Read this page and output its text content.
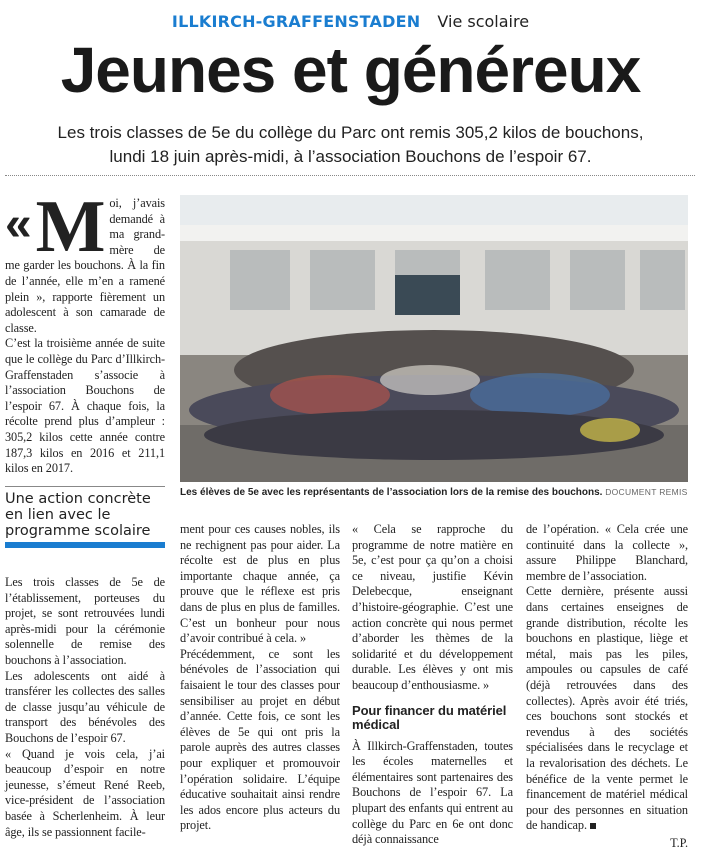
ILLKIRCH-GRAFFENSTADEN Vie scolaire
Jeunes et généreux
Les trois classes de 5e du collège du Parc ont remis 305,2 kilos de bouchons, lundi 18 juin après-midi, à l’association Bouchons de l’espoir 67.
« M oi, j’avais demandé à ma grand-mère de me garder les bouchons. À la fin de l’année, elle m’en a ramené plein », rapporte fièrement un adolescent à son camarade de classe.

C’est la troisième année de suite que le collège du Parc d’Illkirch-Graffenstaden s’associe à l’association Bouchons de l’espoir 67. À chaque fois, la récolte prend plus d’ampleur : 305,2 kilos cette année contre 187,3 kilos en 2016 et 211,1 kilos en 2017.

Les élèves de 5e avec les représentants de l’association lors de la remise des bouchons. DOCUMENT REMIS
Une action concrète en lien avec le programme scolaire

Les trois classes de 5e de l’établissement, porteuses du projet, se sont retrouvées lundi après-midi pour la cérémonie solennelle de remise des bouchons à l’association.

Les adolescents ont aidé à transférer les collectes des salles de classe jusqu’au véhicule de transport des bénévoles des Bouchons de l’espoir 67.

« Quand je vois cela, j’ai beaucoup d’espoir en notre jeunesse, s’émeut René Reeb, vice-président de l’association basée à Scherlenheim. À leur âge, ils se passionnent facile-

ment pour ces causes nobles, ils ne rechignent pas pour aider. La récolte est de plus en plus importante chaque année, ça prouve que le réflexe est pris dans de plus en plus de familles. C’est un bonheur pour nous d’avoir contribué à cela. »

Précédemment, ce sont les bénévoles de l’association qui faisaient le tour des classes pour sensibiliser au projet en début d’année. Cette fois, ce sont les élèves de 5e qui ont pris la parole auprès des autres classes pour expliquer et promouvoir l’opération solidaire. L’équipe éducative souhaitait ainsi rendre les ados encore plus acteurs du projet.

« Cela se rapproche du programme de notre matière en 5e, c’est pour ça qu’on a choisi ce niveau, justifie Kévin Delebecque, enseignant d’histoire-géographie. C’est une action concrète qui nous permet d’aborder les thèmes de la solidarité et du développement durable. Les élèves y ont mis beaucoup d’enthousiasme. »

Pour financer du matériel médical

À Illkirch-Graffenstaden, toutes les écoles maternelles et élémentaires sont partenaires des Bouchons de l’espoir 67. La plupart des enfants qui entrent au collège du Parc en 6e ont donc déjà connaissance

de l’opération. « Cela crée une continuité dans la collecte », assure Philippe Blanchard, membre de l’association.

Cette dernière, présente aussi dans certaines enseignes de grande distribution, récolte les bouchons en plastique, liège et métal, mais pas les piles, ampoules ou capsules de café (déjà retrouvées dans des collectes). Après avoir été triés, ces bouchons sont stockés et revendus à des sociétés spécialisées dans le recyclage et la revalorisation des déchets. Le bénéfice de la vente permet le financement de matériel médical pour des personnes en situation de handicap.

T.P.
